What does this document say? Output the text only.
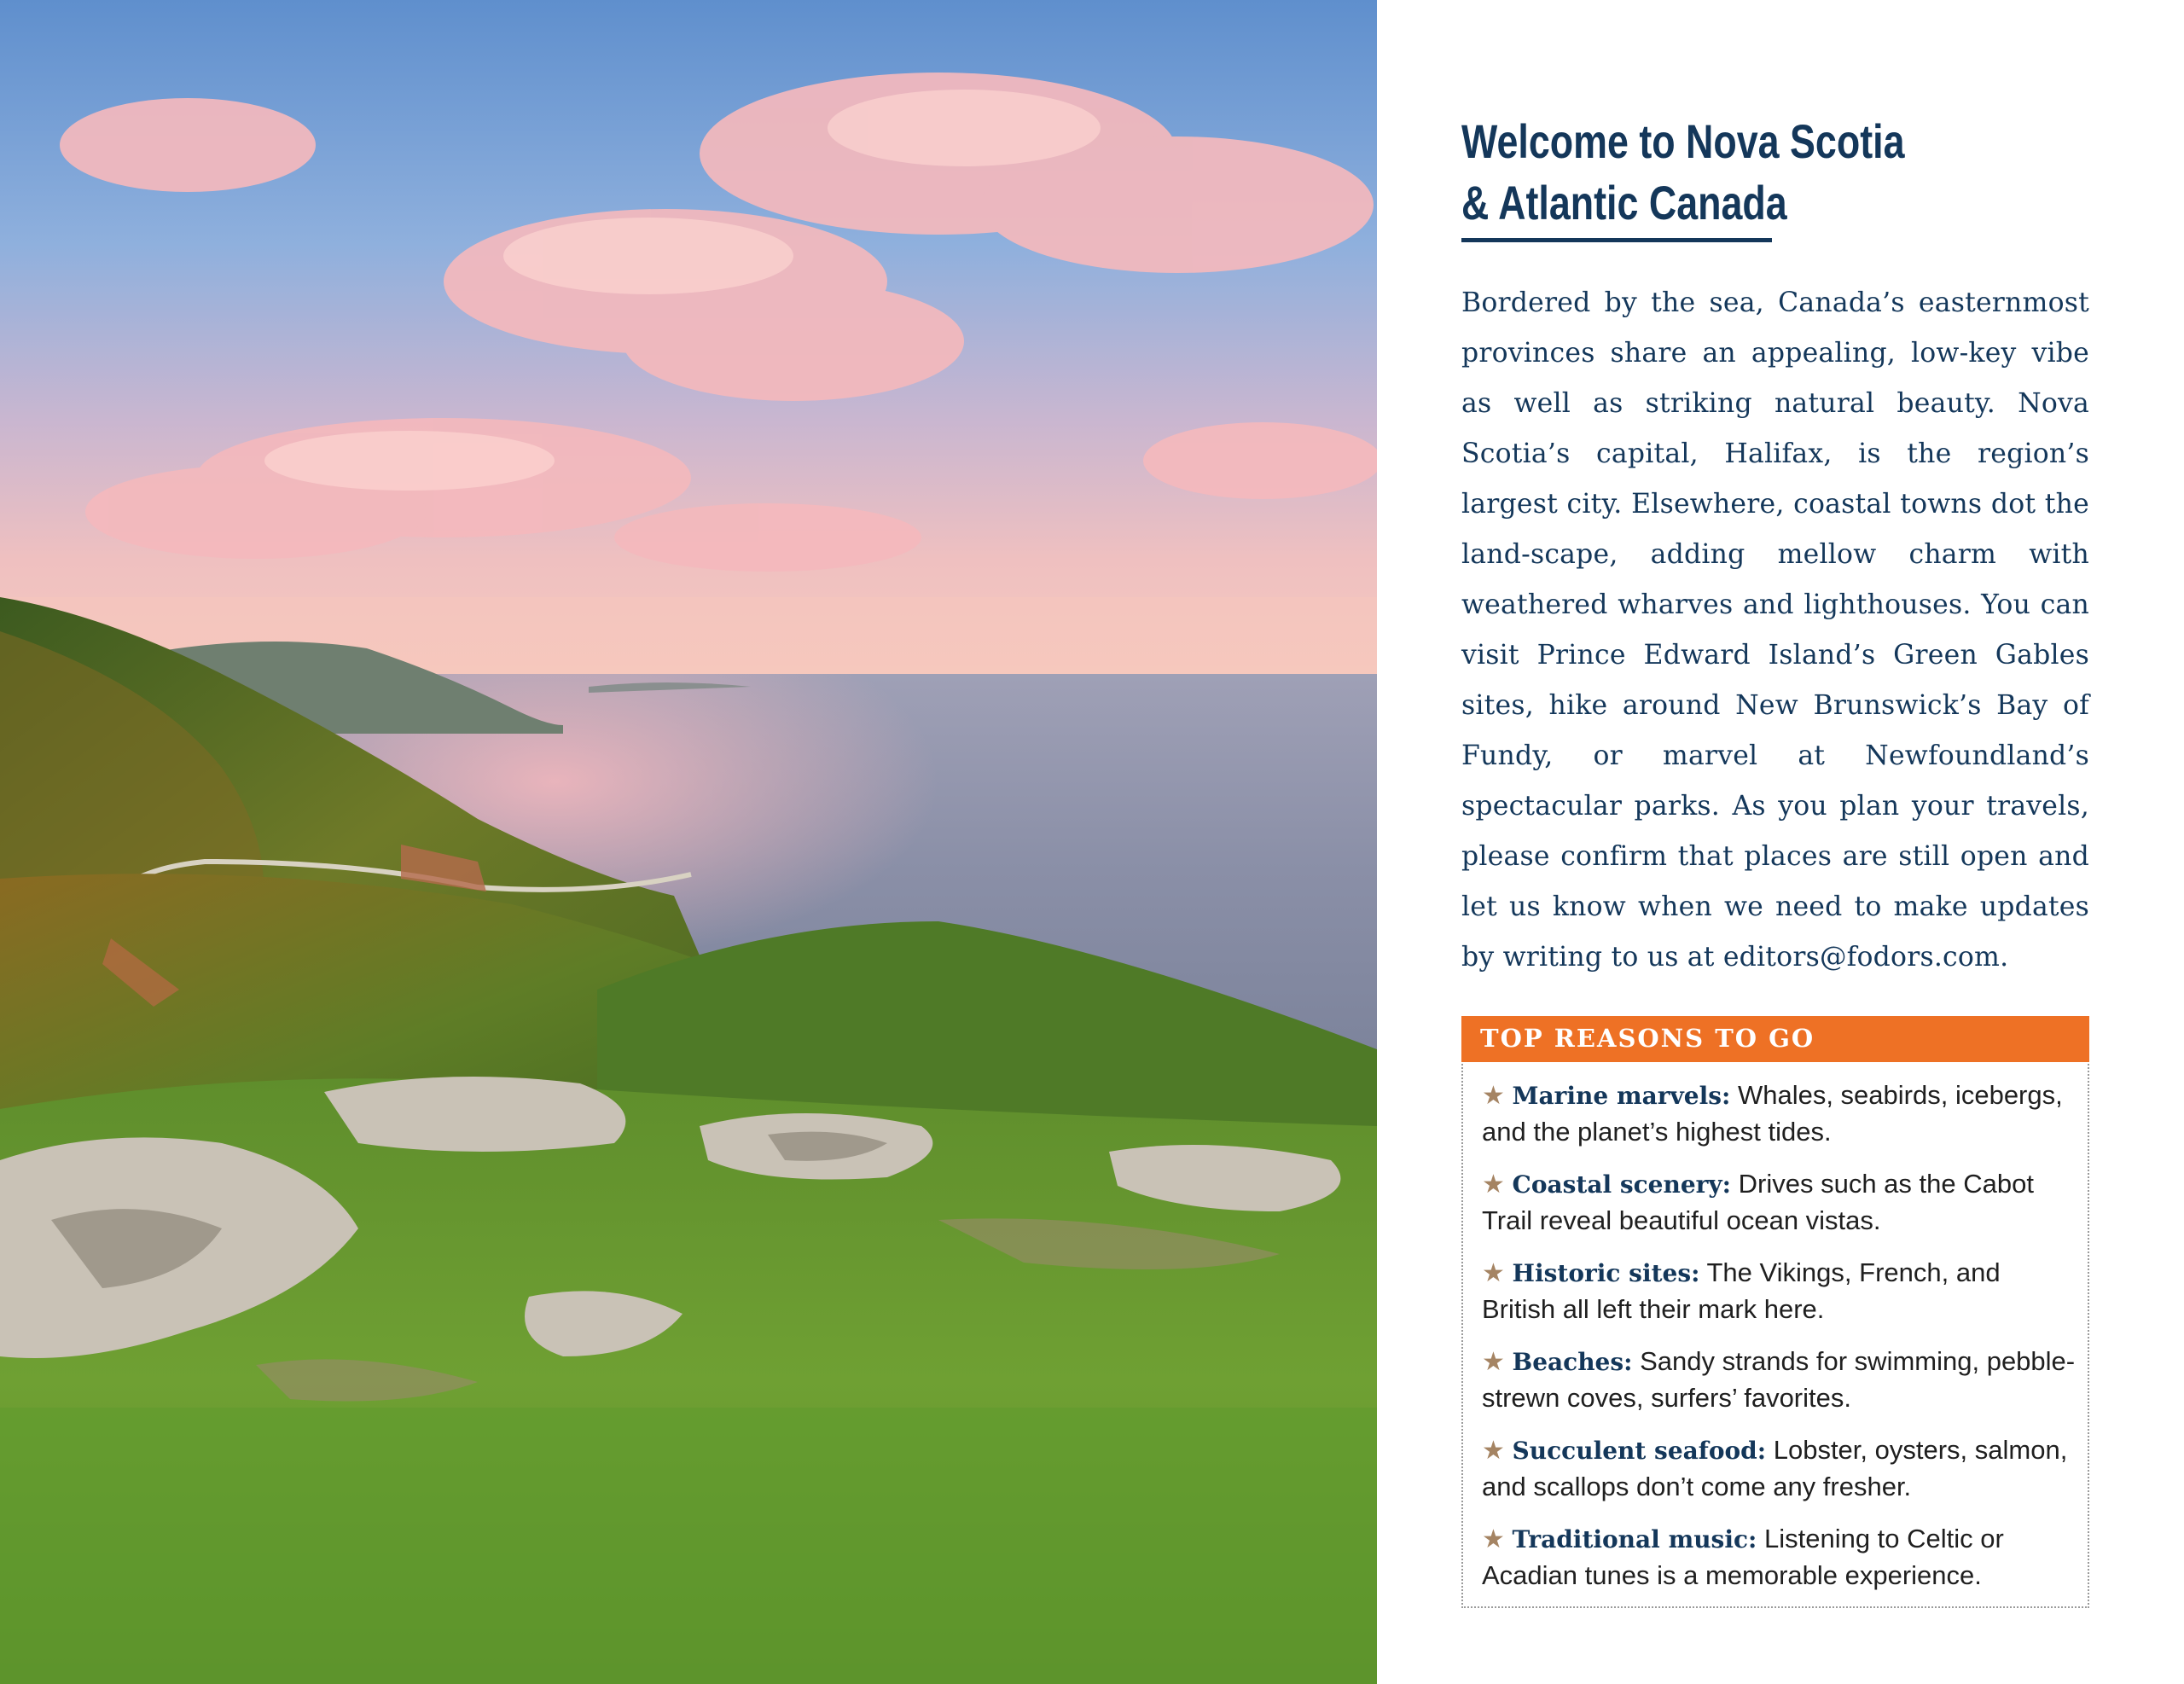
Welcome to Nova Scotia
& Atlantic Canada

Bordered by the sea, Canada’s easternmost provinces share an appealing, low-key vibe as well as striking natural beauty. Nova Scotia’s capital, Halifax, is the region’s largest city. Elsewhere, coastal towns dot the land-scape, adding mellow charm with weathered wharves and lighthouses. You can visit Prince Edward Island’s Green Gables sites, hike around New Brunswick’s Bay of Fundy, or marvel at Newfoundland’s spectacular parks. As you plan your travels, please confirm that places are still open and let us know when we need to make updates by writing to us at editors@fodors.com.

TOP REASONS TO GO
★ Marine marvels: Whales, seabirds, icebergs, and the planet’s highest tides.
★ Coastal scenery: Drives such as the Cabot Trail reveal beautiful ocean vistas.
★ Historic sites: The Vikings, French, and British all left their mark here.
★ Beaches: Sandy strands for swimming, pebble-strewn coves, surfers’ favorites.
★ Succulent seafood: Lobster, oysters, salmon, and scallops don’t come any fresher.
★ Traditional music: Listening to Celtic or Acadian tunes is a memorable experience.
